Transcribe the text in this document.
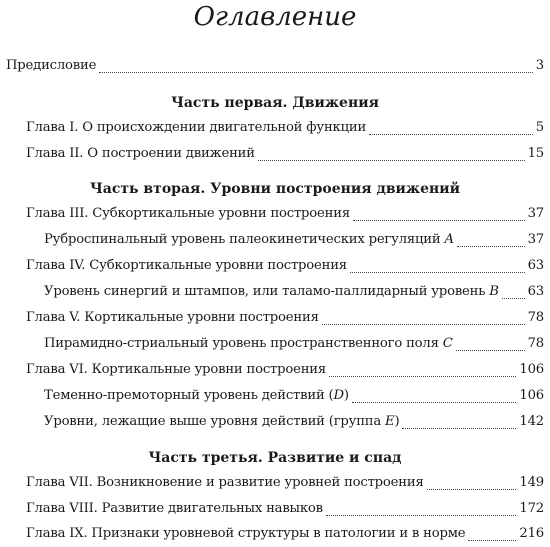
Оглавление
Предисловие	3
Часть первая. Движения
Глава I. О происхождении двигательной функции	5
Глава II. О построении движений	15
Часть вторая. Уровни построения движений
Глава III. Субкортикальные уровни построения	37
Руброспинальный уровень палеокинетических регуляций A	37
Глава IV. Субкортикальные уровни построения	63
Уровень синергий и штампов, или таламо-паллидарный уровень B 63
Глава V. Кортикальные уровни построения	78
Пирамидно-стриальный уровень пространственного поля C	78
Глава VI. Кортикальные уровни построения	106
Теменно-премоторный уровень действий (D)	106
Уровни, лежащие выше уровня действий (группа E)	142
Часть третья. Развитие и спад
Глава VII. Возникновение и развитие уровней построения	149
Глава VIII. Развитие двигательных навыков	172
Глава IX. Признаки уровневой структуры в патологии и в норме	216
